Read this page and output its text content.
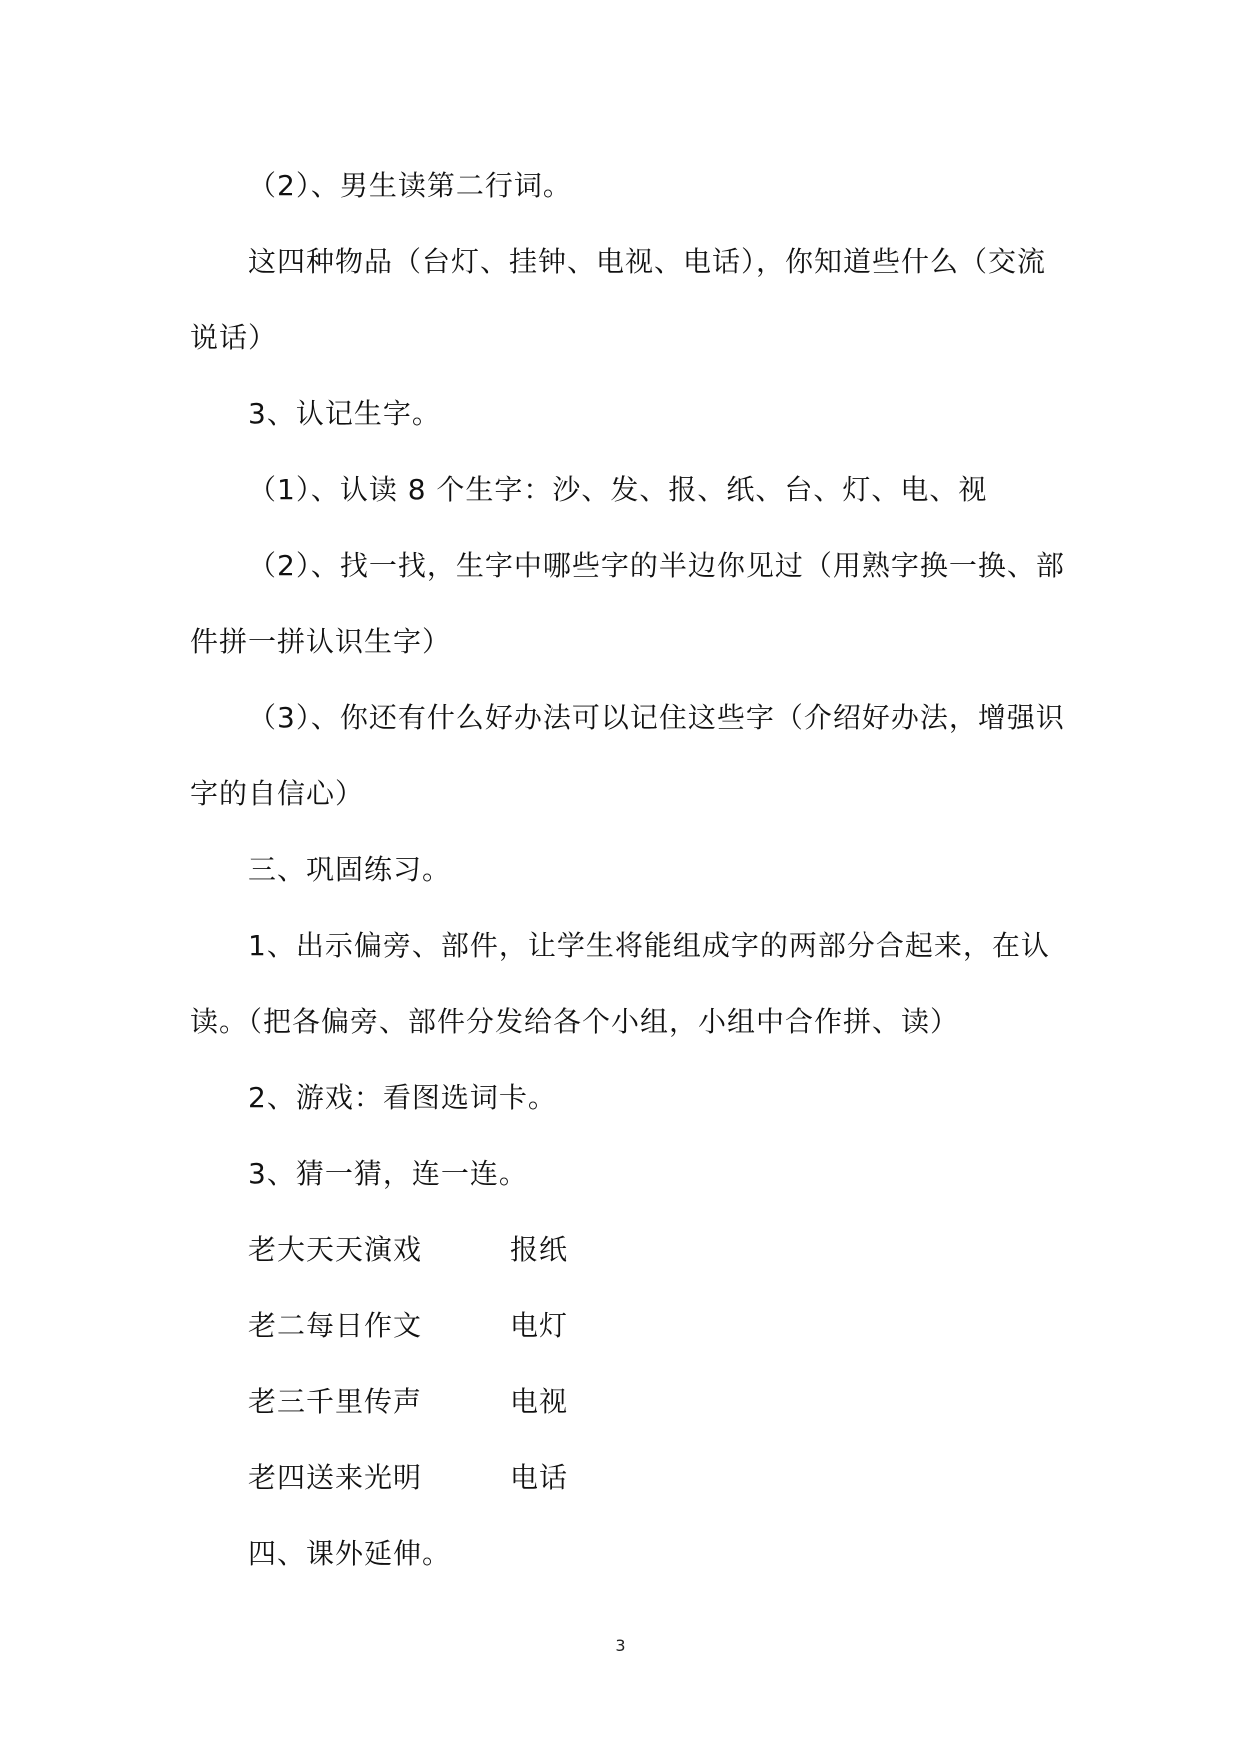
（2）、男生读第二行词。
这四种物品（台灯、挂钟、电视、电话），你知道些什么（交流
说话）
3、认记生字。
（1）、认读 8 个生字：沙、发、报、纸、台、灯、电、视
（2）、找一找，生字中哪些字的半边你见过（用熟字换一换、部
件拼一拼认识生字）
（3）、你还有什么好办法可以记住这些字（介绍好办法，增强识
字的自信心）
三、巩固练习。
1、出示偏旁、部件，让学生将能组成字的两部分合起来，在认
读。（把各偏旁、部件分发给各个小组，小组中合作拼、读）
2、游戏：看图选词卡。
3、猜一猜，连一连。
老大天天演戏	报纸
老二每日作文	电灯
老三千里传声	电视
老四送来光明	电话
四、课外延伸。
3
